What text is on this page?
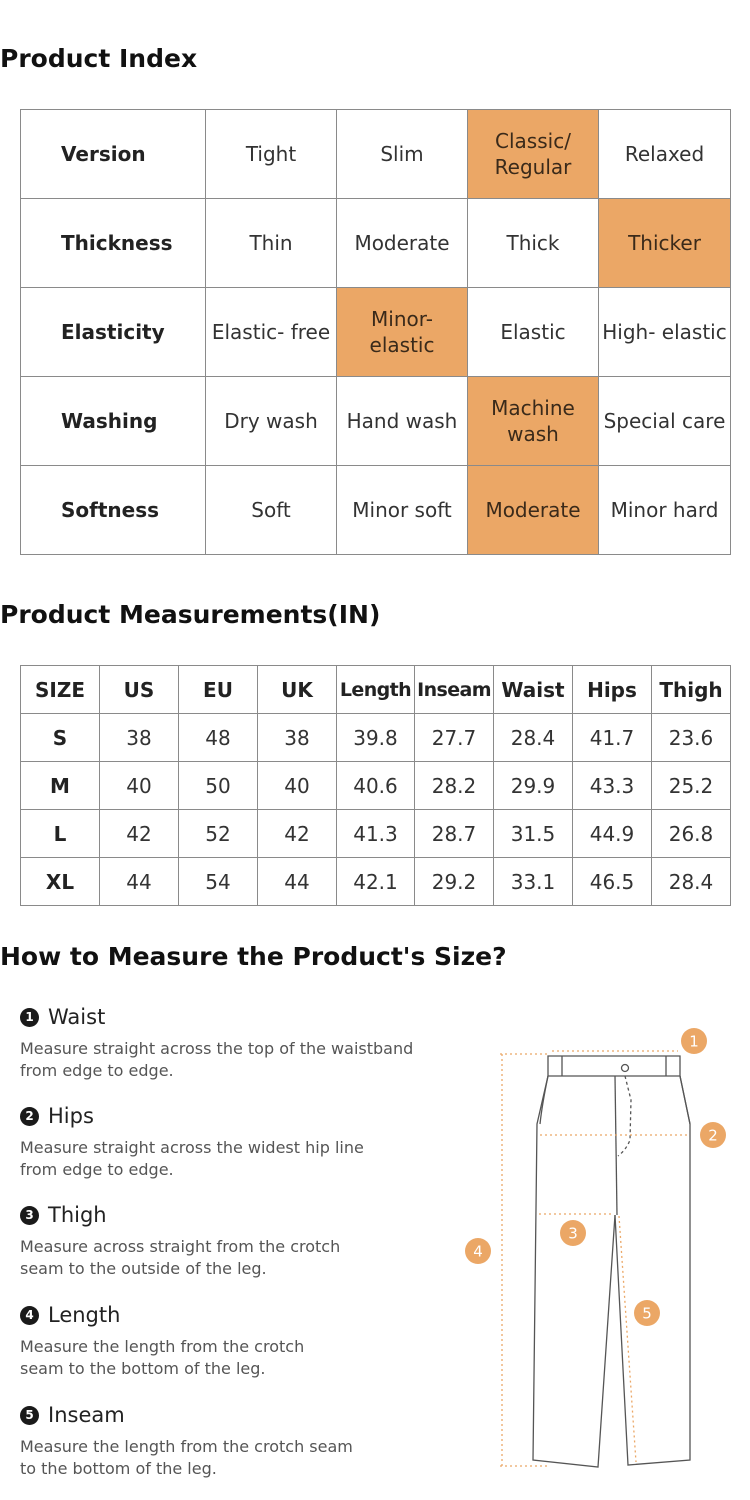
Product Index
Version	Tight	Slim	Classic/ Regular	Relaxed
Thickness	Thin	Moderate	Thick	Thicker
Elasticity	Elastic- free	Minor- elastic	Elastic	High- elastic
Washing	Dry wash	Hand wash	Machine wash	Special care
Softness	Soft	Minor soft	Moderate	Minor hard
Product Measurements(IN)
SIZE	US	EU	UK	Length	Inseam	Waist	Hips	Thigh
S	38	48	38	39.8	27.7	28.4	41.7	23.6
M	40	50	40	40.6	28.2	29.9	43.3	25.2
L	42	52	42	41.3	28.7	31.5	44.9	26.8
XL	44	54	44	42.1	29.2	33.1	46.5	28.4
How to Measure the Product's Size?
1 Waist
Measure straight across the top of the waistband
from edge to edge.
2 Hips
Measure straight across the widest hip line
from edge to edge.
3 Thigh
Measure across straight from the crotch
seam to the outside of the leg.
4 Length
Measure the length from the crotch
seam to the bottom of the leg.
5 Inseam
Measure the length from the crotch seam
to the bottom of the leg.
1
2
3
4
5
